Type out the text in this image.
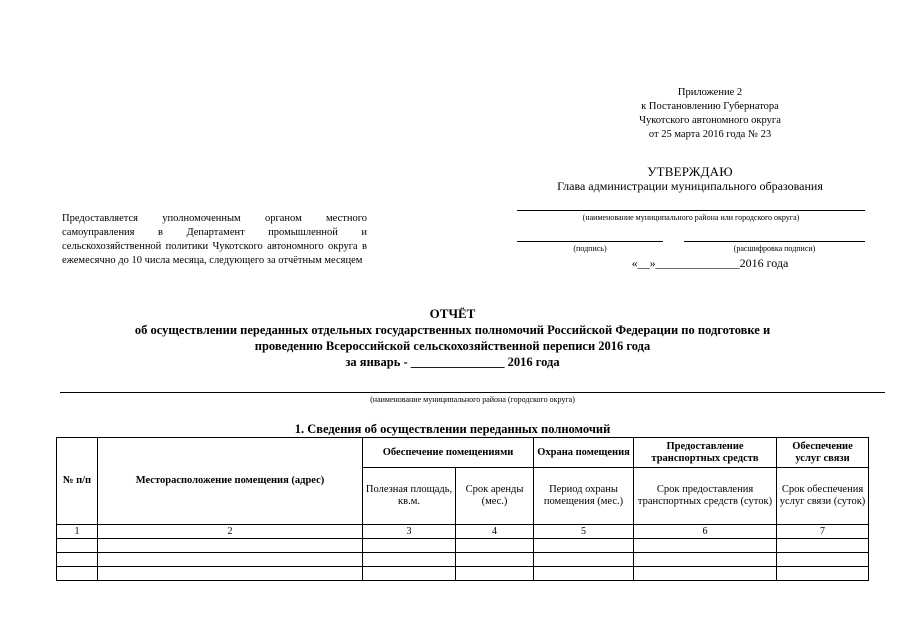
Приложение 2
к Постановлению Губернатора
Чукотского автономного округа
от 25 марта 2016 года № 23
УТВЕРЖДАЮ
Глава администрации муниципального образования
(наименование муниципального района или городского округа)
(подпись)	(расшифровка подписи)
«__»______________2016 года
Предоставляется уполномоченным органом местного самоуправления в Департамент промышленной и сельскохозяйственной политики Чукотского автономного округа в ежемесячно до 10 числа месяца, следующего за отчётным месяцем
ОТЧЁТ
об осуществлении переданных отдельных государственных полномочий Российской Федерации по подготовке и
проведению Всероссийской сельскохозяйственной переписи 2016 года
за январь - _______________ 2016 года
(наименование муниципального района (городского округа)
1. Сведения об осуществлении переданных полномочий
№ п/п	Месторасположение помещения (адрес)	Обеспечение помещениями		Охрана помещения	Предоставление транспортных средств	Обеспечение услуг связи
		Полезная площадь, кв.м.	Срок аренды (мес.)	Период охраны помещения (мес.)	Срок предоставления транспортных средств (суток)	Срок обеспечения услуг связи (суток)
1	2	3	4	5	6	7
